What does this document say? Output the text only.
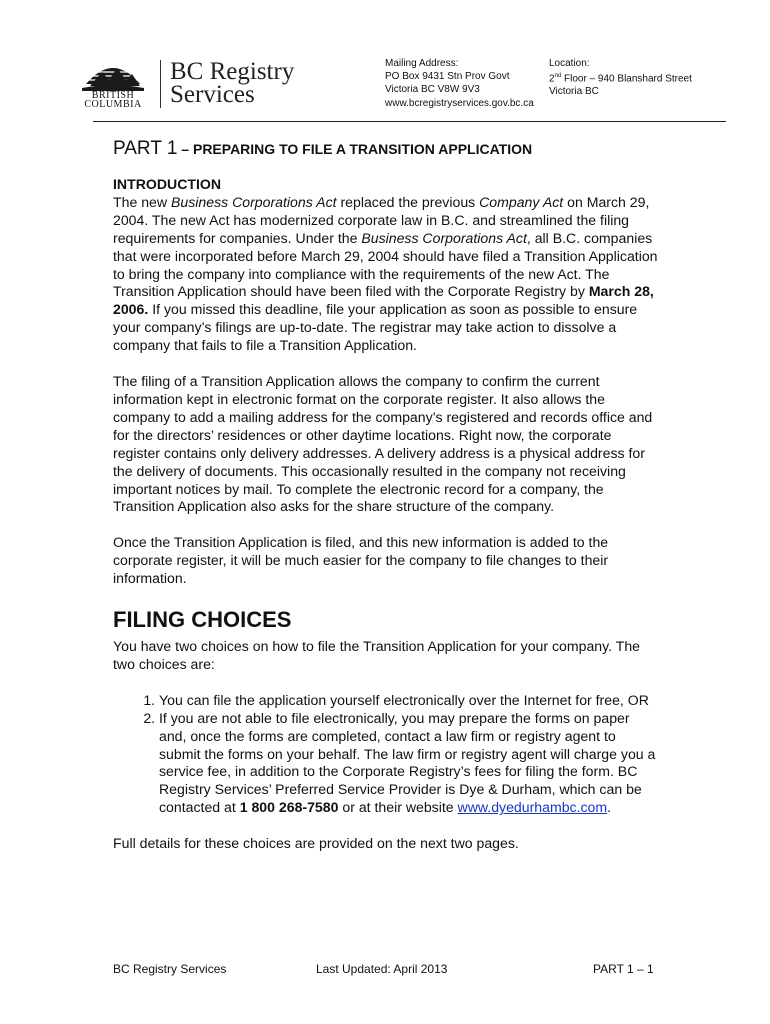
BRITISH
COLUMBIA
BC Registry
Services
Mailing Address:
PO Box 9431 Stn Prov Govt
Victoria BC V8W 9V3
Location:
2nd Floor – 940 Blanshard Street
Victoria BC
www.bcregistryservices.gov.bc.ca
PART 1 – PREPARING TO FILE A TRANSITION APPLICATION

INTRODUCTION

The new Business Corporations Act replaced the previous Company Act on March 29, 2004. The new Act has modernized corporate law in B.C. and streamlined the filing requirements for companies. Under the Business Corporations Act, all B.C. companies that were incorporated before March 29, 2004 should have filed a Transition Application to bring the company into compliance with the requirements of the new Act. The Transition Application should have been filed with the Corporate Registry by March 28, 2006. If you missed this deadline, file your application as soon as possible to ensure your company’s filings are up-to-date. The registrar may take action to dissolve a company that fails to file a Transition Application.

The filing of a Transition Application allows the company to confirm the current information kept in electronic format on the corporate register. It also allows the company to add a mailing address for the company’s registered and records office and for the directors’ residences or other daytime locations. Right now, the corporate register contains only delivery addresses. A delivery address is a physical address for the delivery of documents. This occasionally resulted in the company not receiving important notices by mail. To complete the electronic record for a company, the Transition Application also asks for the share structure of the company.

Once the Transition Application is filed, and this new information is added to the corporate register, it will be much easier for the company to file changes to their information.

FILING CHOICES

You have two choices on how to file the Transition Application for your company. The two choices are:

1. You can file the application yourself electronically over the Internet for free, OR
2. If you are not able to file electronically, you may prepare the forms on paper and, once the forms are completed, contact a law firm or registry agent to submit the forms on your behalf. The law firm or registry agent will charge you a service fee, in addition to the Corporate Registry’s fees for filing the form. BC Registry Services’ Preferred Service Provider is Dye & Durham, which can be contacted at 1 800 268-7580 or at their website www.dyedurhambc.com.

Full details for these choices are provided on the next two pages.

BC Registry Services	Last Updated: April 2013	PART 1 – 1
